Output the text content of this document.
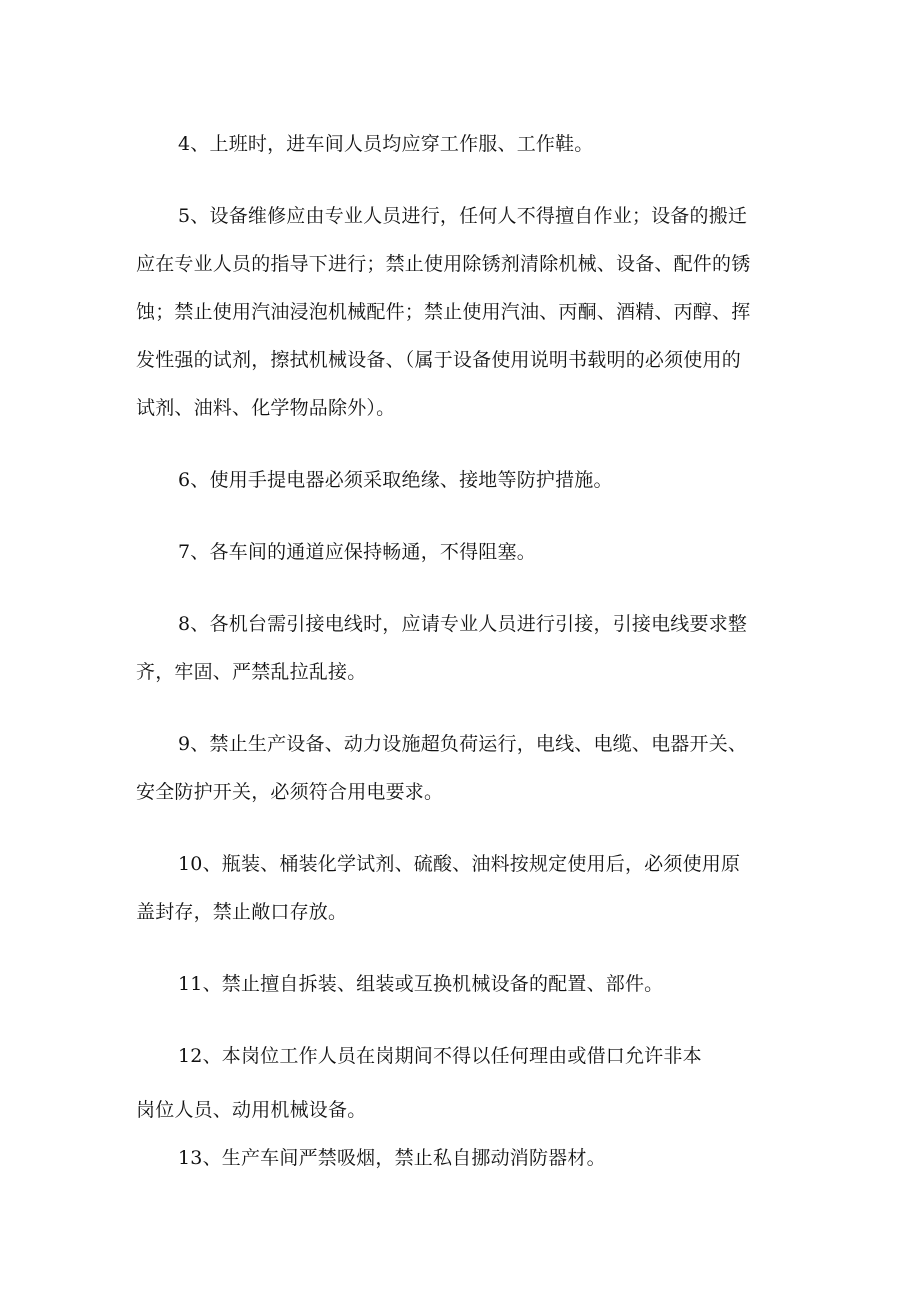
4、上班时，进车间人员均应穿工作服、工作鞋。
5、设备维修应由专业人员进行，任何人不得擅自作业；设备的搬迁
应在专业人员的指导下进行；禁止使用除锈剂清除机械、设备、配件的锈
蚀；禁止使用汽油浸泡机械配件；禁止使用汽油、丙酮、酒精、丙醇、挥
发性强的试剂，擦拭机械设备、（属于设备使用说明书载明的必须使用的
试剂、油料、化学物品除外）。
6、使用手提电器必须采取绝缘、接地等防护措施。
7、各车间的通道应保持畅通，不得阻塞。
8、各机台需引接电线时，应请专业人员进行引接，引接电线要求整
齐，牢固、严禁乱拉乱接。
9、禁止生产设备、动力设施超负荷运行，电线、电缆、电器开关、
安全防护开关，必须符合用电要求。
10、瓶装、桶装化学试剂、硫酸、油料按规定使用后，必须使用原
盖封存，禁止敞口存放。
11、禁止擅自拆装、组装或互换机械设备的配置、部件。
12、本岗位工作人员在岗期间不得以任何理由或借口允许非本
岗位人员、动用机械设备。
13、生产车间严禁吸烟，禁止私自挪动消防器材。
